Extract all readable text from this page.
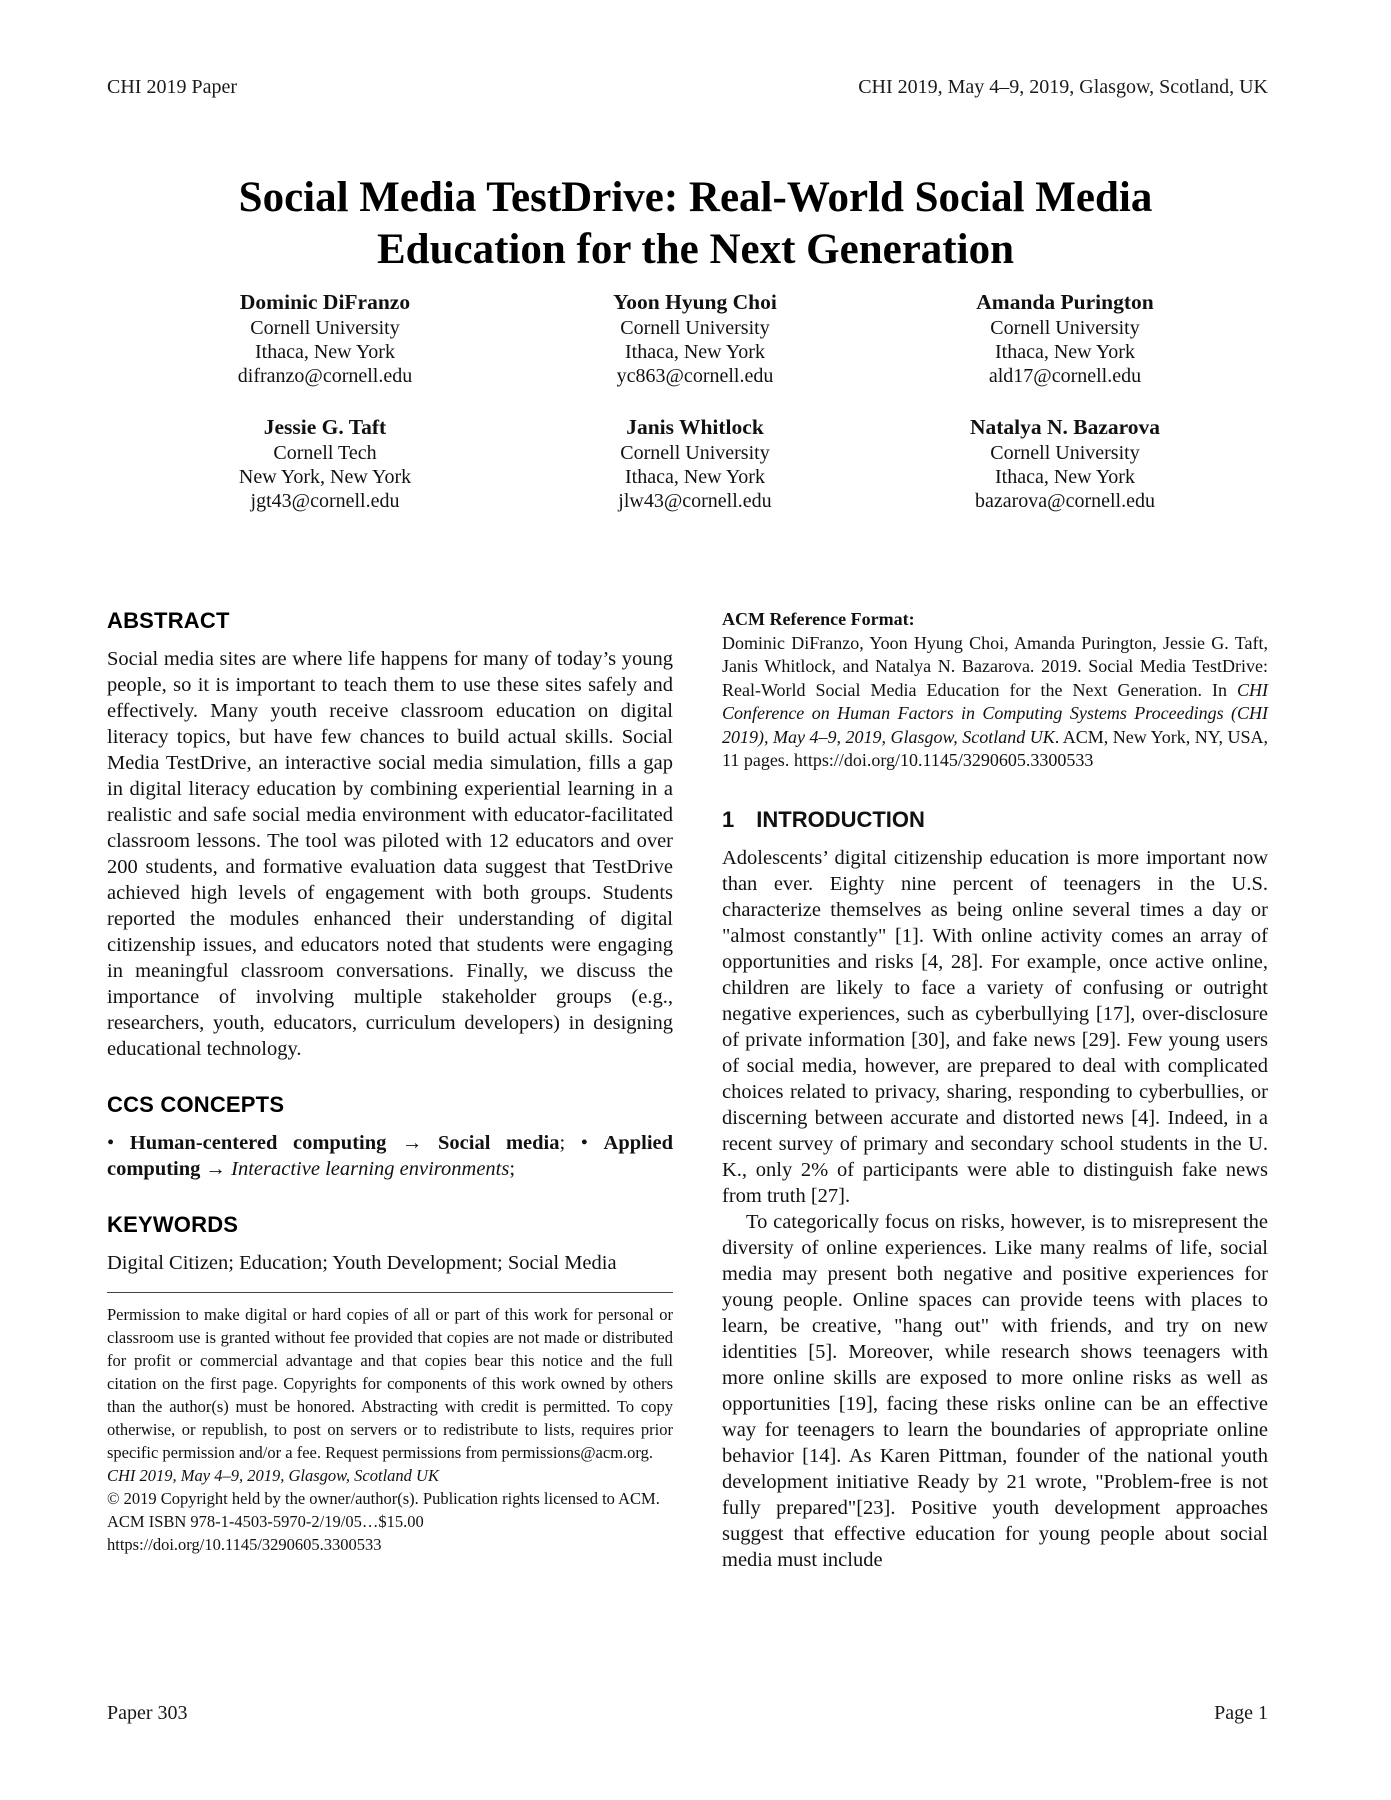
CHI 2019 Paper	CHI 2019, May 4–9, 2019, Glasgow, Scotland, UK
Social Media TestDrive: Real-World Social Media Education for the Next Generation
Dominic DiFranzo
Cornell University
Ithaca, New York
difranzo@cornell.edu
Yoon Hyung Choi
Cornell University
Ithaca, New York
yc863@cornell.edu
Amanda Purington
Cornell University
Ithaca, New York
ald17@cornell.edu
Jessie G. Taft
Cornell Tech
New York, New York
jgt43@cornell.edu
Janis Whitlock
Cornell University
Ithaca, New York
jlw43@cornell.edu
Natalya N. Bazarova
Cornell University
Ithaca, New York
bazarova@cornell.edu
ABSTRACT

Social media sites are where life happens for many of today’s young people, so it is important to teach them to use these sites safely and effectively. Many youth receive classroom education on digital literacy topics, but have few chances to build actual skills. Social Media TestDrive, an interactive social media simulation, fills a gap in digital literacy education by combining experiential learning in a realistic and safe social media environment with educator-facilitated classroom lessons. The tool was piloted with 12 educators and over 200 students, and formative evaluation data suggest that TestDrive achieved high levels of engagement with both groups. Students reported the modules enhanced their understanding of digital citizenship issues, and educators noted that students were engaging in meaningful classroom conversations. Finally, we discuss the importance of involving multiple stakeholder groups (e.g., researchers, youth, educators, curriculum developers) in designing educational technology.

CCS CONCEPTS

• Human-centered computing → Social media; • Applied computing → Interactive learning environments;

KEYWORDS

Digital Citizen; Education; Youth Development; Social Media

Permission to make digital or hard copies of all or part of this work for personal or classroom use is granted without fee provided that copies are not made or distributed for profit or commercial advantage and that copies bear this notice and the full citation on the first page. Copyrights for components of this work owned by others than the author(s) must be honored. Abstracting with credit is permitted. To copy otherwise, or republish, to post on servers or to redistribute to lists, requires prior specific permission and/or a fee. Request permissions from permissions@acm.org.
CHI 2019, May 4–9, 2019, Glasgow, Scotland UK
© 2019 Copyright held by the owner/author(s). Publication rights licensed to ACM.
ACM ISBN 978-1-4503-5970-2/19/05…$15.00
https://doi.org/10.1145/3290605.3300533

ACM Reference Format:
Dominic DiFranzo, Yoon Hyung Choi, Amanda Purington, Jessie G. Taft, Janis Whitlock, and Natalya N. Bazarova. 2019. Social Media TestDrive: Real-World Social Media Education for the Next Generation. In CHI Conference on Human Factors in Computing Systems Proceedings (CHI 2019), May 4–9, 2019, Glasgow, Scotland UK. ACM, New York, NY, USA, 11 pages. https://doi.org/10.1145/3290605.3300533

1 INTRODUCTION

Adolescents’ digital citizenship education is more important now than ever. Eighty nine percent of teenagers in the U.S. characterize themselves as being online several times a day or "almost constantly" [1]. With online activity comes an array of opportunities and risks [4, 28]. For example, once active online, children are likely to face a variety of confusing or outright negative experiences, such as cyberbullying [17], over-disclosure of private information [30], and fake news [29]. Few young users of social media, however, are prepared to deal with complicated choices related to privacy, sharing, responding to cyberbullies, or discerning between accurate and distorted news [4]. Indeed, in a recent survey of primary and secondary school students in the U. K., only 2% of participants were able to distinguish fake news from truth [27].

To categorically focus on risks, however, is to misrepresent the diversity of online experiences. Like many realms of life, social media may present both negative and positive experiences for young people. Online spaces can provide teens with places to learn, be creative, "hang out" with friends, and try on new identities [5]. Moreover, while research shows teenagers with more online skills are exposed to more online risks as well as opportunities [19], facing these risks online can be an effective way for teenagers to learn the boundaries of appropriate online behavior [14]. As Karen Pittman, founder of the national youth development initiative Ready by 21 wrote, "Problem-free is not fully prepared"[23]. Positive youth development approaches suggest that effective education for young people about social media must include

Paper 303	Page 1
